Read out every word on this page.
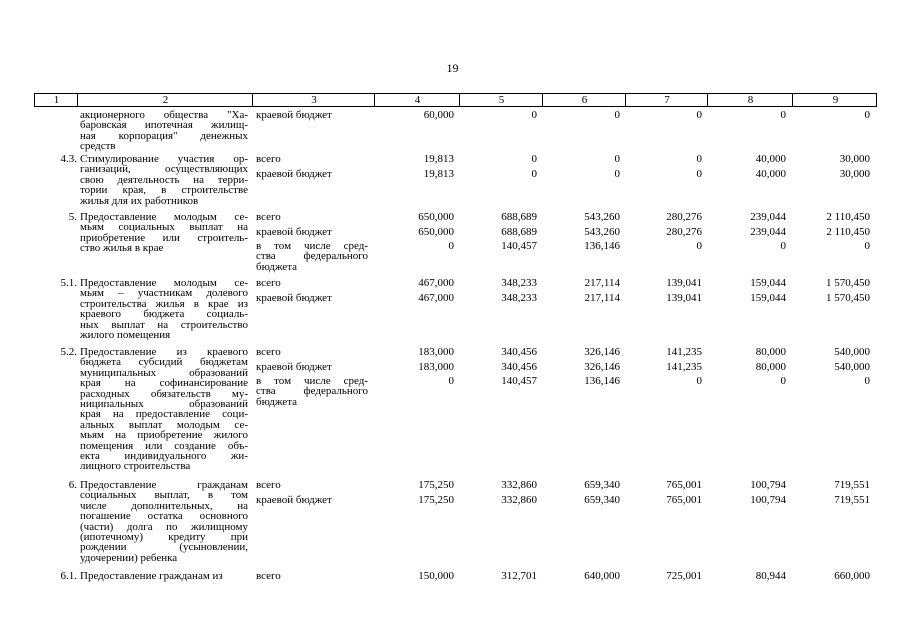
19
1	2	3	4	5	6	7	8	9
акционерного общества "Ха-
баровская ипотечная жилищ-
ная корпорация" денежных
средств
краевой бюджет	60,000	0	0	0	0	0
4.3. Стимулирование участия ор-
ганизаций, осуществляющих
свою деятельность на терри-
тории края, в строительстве
жилья для их работников
всего	19,813	0	0	0	40,000	30,000
краевой бюджет	19,813	0	0	0	40,000	30,000
5. Предоставление молодым се-
мьям социальных выплат на
приобретение или строитель-
ство жилья в крае
всего	650,000	688,689	543,260	280,276	239,044	2 110,450
краевой бюджет	650,000	688,689	543,260	280,276	239,044	2 110,450
в том числе сред-
ства федерального
бюджета
0	140,457	136,146	0	0	0
5.1. Предоставление молодым се-
мьям – участникам долевого
строительства жилья в крае из
краевого бюджета социаль-
ных выплат на строительство
жилого помещения
всего	467,000	348,233	217,114	139,041	159,044	1 570,450
краевой бюджет	467,000	348,233	217,114	139,041	159,044	1 570,450
5.2. Предоставление из краевого
бюджета субсидий бюджетам
муниципальных образований
края на софинансирование
расходных обязательств му-
ниципальных образований
края на предоставление соци-
альных выплат молодым се-
мьям на приобретение жилого
помещения или создание объ-
екта индивидуального жи-
лищного строительства
всего	183,000	340,456	326,146	141,235	80,000	540,000
краевой бюджет	183,000	340,456	326,146	141,235	80,000	540,000
в том числе сред-
ства федерального
бюджета
0	140,457	136,146	0	0	0
6. Предоставление гражданам
социальных выплат, в том
числе дополнительных, на
погашение остатка основного
(части) долга по жилищному
(ипотечному) кредиту при
рождении (усыновлении,
удочерении) ребенка
всего	175,250	332,860	659,340	765,001	100,794	719,551
краевой бюджет	175,250	332,860	659,340	765,001	100,794	719,551
6.1. Предоставление гражданам из	всего	150,000	312,701	640,000	725,001	80,944	660,000
